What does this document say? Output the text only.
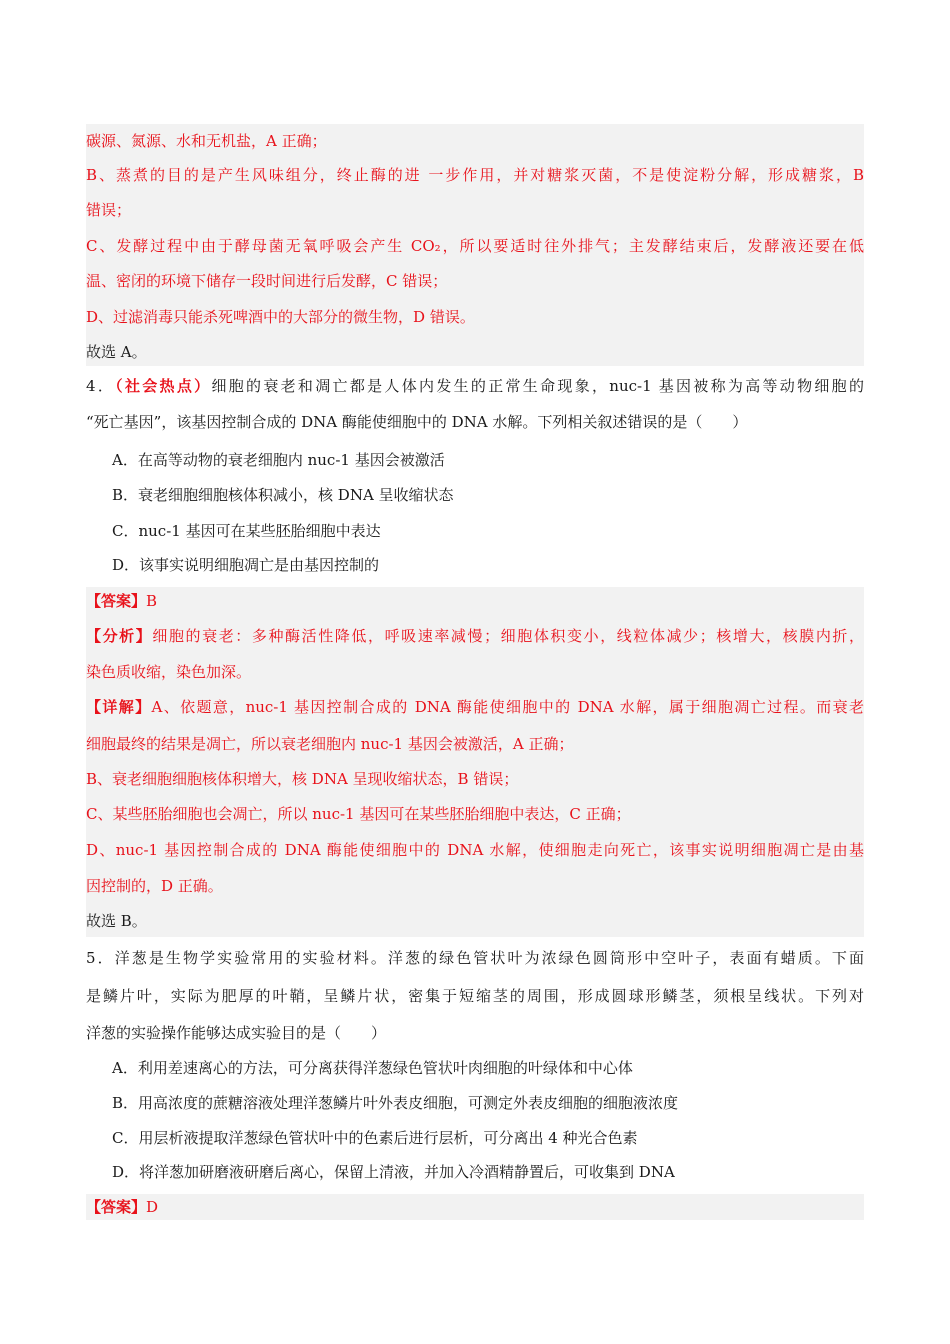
碳源、氮源、水和无机盐，A 正确；
B、蒸煮的目的是产生风味组分，终止酶的进 一步作用，并对糖浆灭菌，不是使淀粉分解，形成糖浆，B
错误；
C、发酵过程中由于酵母菌无氧呼吸会产生 CO₂，所以要适时往外排气；主发酵结束后，发酵液还要在低
温、密闭的环境下储存一段时间进行后发酵，C 错误；
D、过滤消毒只能杀死啤酒中的大部分的微生物，D 错误。
故选 A。
4．（社会热点）细胞的衰老和凋亡都是人体内发生的正常生命现象，nuc-1 基因被称为高等动物细胞的
“死亡基因”，该基因控制合成的 DNA 酶能使细胞中的 DNA 水解。下列相关叙述错误的是（　　）
A．在高等动物的衰老细胞内 nuc-1 基因会被激活
B．衰老细胞细胞核体积减小，核 DNA 呈收缩状态
C．nuc-1 基因可在某些胚胎细胞中表达
D．该事实说明细胞凋亡是由基因控制的
【答案】B
【分析】细胞的衰老：多种酶活性降低，呼吸速率减慢；细胞体积变小，线粒体减少；核增大，核膜内折，
染色质收缩，染色加深。
【详解】A、依题意，nuc-1 基因控制合成的 DNA 酶能使细胞中的 DNA 水解，属于细胞凋亡过程。而衰老
细胞最终的结果是凋亡，所以衰老细胞内 nuc-1 基因会被激活，A 正确；
B、衰老细胞细胞核体积增大，核 DNA 呈现收缩状态，B 错误；
C、某些胚胎细胞也会凋亡，所以 nuc-1 基因可在某些胚胎细胞中表达，C 正确；
D、nuc-1 基因控制合成的 DNA 酶能使细胞中的 DNA 水解，使细胞走向死亡，该事实说明细胞凋亡是由基
因控制的，D 正确。
故选 B。
5．洋葱是生物学实验常用的实验材料。洋葱的绿色管状叶为浓绿色圆筒形中空叶子，表面有蜡质。下面
是鳞片叶，实际为肥厚的叶鞘，呈鳞片状，密集于短缩茎的周围，形成圆球形鳞茎，须根呈线状。下列对
洋葱的实验操作能够达成实验目的是（　　）
A．利用差速离心的方法，可分离获得洋葱绿色管状叶肉细胞的叶绿体和中心体
B．用高浓度的蔗糖溶液处理洋葱鳞片叶外表皮细胞，可测定外表皮细胞的细胞液浓度
C．用层析液提取洋葱绿色管状叶中的色素后进行层析，可分离出 4 种光合色素
D．将洋葱加研磨液研磨后离心，保留上清液，并加入冷酒精静置后，可收集到 DNA
【答案】D
